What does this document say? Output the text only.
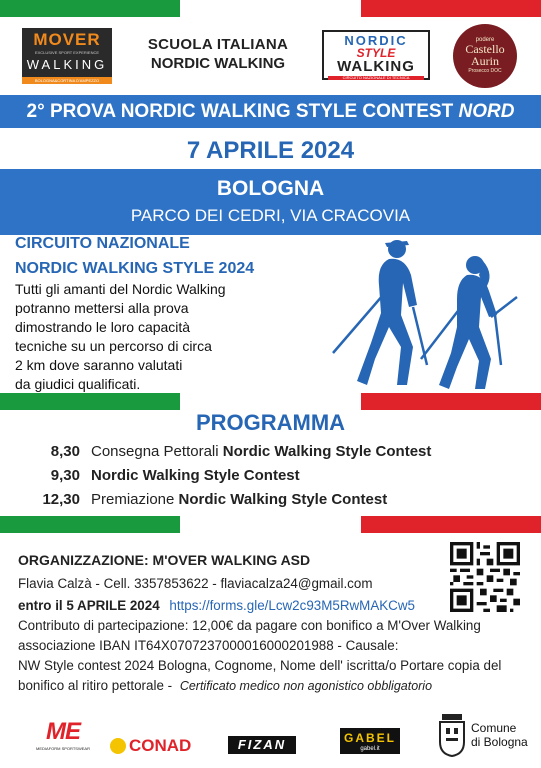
MOVER
EXCLUSIVE SPORT EXPERIENCE
WALKING
BOLOGNA&CORTINA D'AMPEZZO
SCUOLA ITALIANA
NORDIC WALKING
NORDIC
STYLE
WALKING
CIRCUITO NAZIONALE DI TECNICA
podere
Castello
Aurin
Prosecco DOC
2° PROVA NORDIC WALKING STYLE CONTEST NORD
7 APRILE 2024
BOLOGNA
PARCO DEI CEDRI, VIA CRACOVIA
CIRCUITO NAZIONALE
NORDIC WALKING STYLE 2024
Tutti gli amanti del Nordic Walking
potranno mettersi alla prova
dimostrando le loro capacità
tecniche su un percorso di circa
2 km dove saranno valutati
da giudici qualificati.
PROGRAMMA
8,30 Consegna Pettorali Nordic Walking Style Contest
9,30 Nordic Walking Style Contest
12,30 Premiazione Nordic Walking Style Contest
ORGANIZZAZIONE: M'OVER WALKING ASD
Flavia Calzà - Cell. 3357853622 - flaviacalza24@gmail.com
entro il 5 APRILE 2024 https://forms.gle/Lcw2c93M5RwMAKCw5
Contributo di partecipazione: 12,00€ da pagare con bonifico a M'Over Walking
associazione IBAN IT64X0707237000016000201988 - Causale:
NW Style contest 2024 Bologna, Cognome, Nome dell' iscritta/o Portare copia del
bonifico al ritiro pettorale - Certificato medico non agonistico obbligatorio
ME
MEDIAFORM SPORTSWEAR CONAD	FIZAN	GABEL
gabel.it
Comune
di Bologna
